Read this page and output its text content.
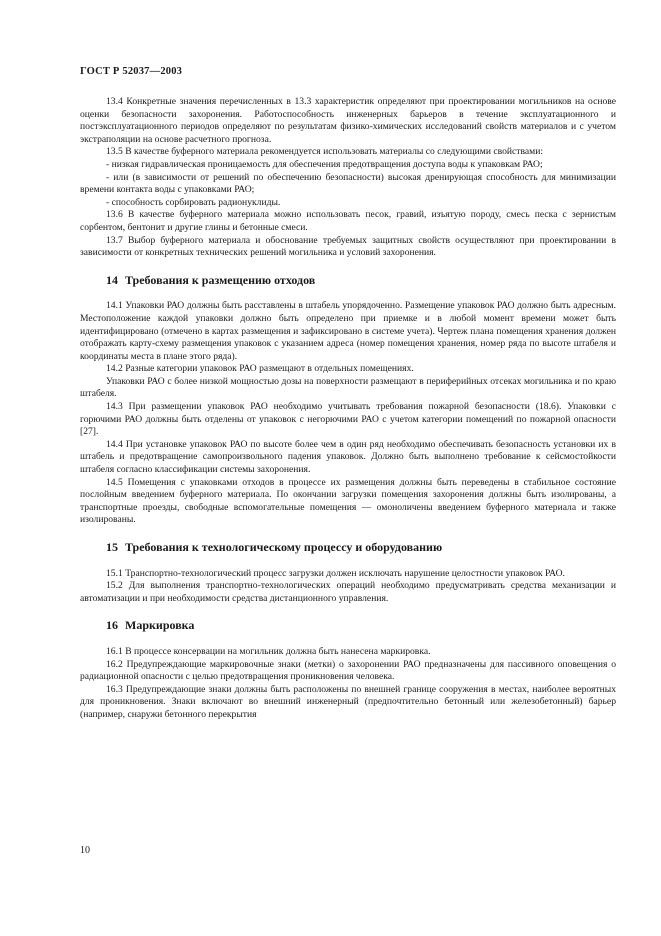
ГОСТ Р 52037—2003

13.4 Конкретные значения перечисленных в 13.3 характеристик определяют при проектировании могильников на основе оценки безопасности захоронения. Работоспособность инженерных барьеров в течение эксплуатационного и постэксплуатационного периодов определяют по результатам физико-химических исследований свойств материалов и с учетом экстраполяции на основе расчетного прогноза.

13.5 В качестве буферного материала рекомендуется использовать материалы со следующими свойствами:

- низкая гидравлическая проницаемость для обеспечения предотвращения доступа воды к упаковкам РАО;

- или (в зависимости от решений по обеспечению безопасности) высокая дренирующая способность для минимизации времени контакта воды с упаковками РАО;

- способность сорбировать радионуклиды.

13.6 В качестве буферного материала можно использовать песок, гравий, изъятую породу, смесь песка с зернистым сорбентом, бентонит и другие глины и бетонные смеси.

13.7 Выбор буферного материала и обоснование требуемых защитных свойств осуществляют при проектировании в зависимости от конкретных технических решений могильника и условий захоронения.

14 Требования к размещению отходов

14.1 Упаковки РАО должны быть расставлены в штабель упорядоченно. Размещение упаковок РАО должно быть адресным. Местоположение каждой упаковки должно быть определено при приемке и в любой момент времени может быть идентифицировано (отмечено в картах размещения и зафиксировано в системе учета). Чертеж плана помещения хранения должен отображать карту-схему размещения упаковок с указанием адреса (номер помещения хранения, номер ряда по высоте штабеля и координаты места в плане этого ряда).

14.2 Разные категории упаковок РАО размещают в отдельных помещениях.

Упаковки РАО с более низкой мощностью дозы на поверхности размещают в периферийных отсеках могильника и по краю штабеля.

14.3 При размещении упаковок РАО необходимо учитывать требования пожарной безопасности (18.6). Упаковки с горючими РАО должны быть отделены от упаковок с негорючими РАО с учетом категории помещений по пожарной опасности [27].

14.4 При установке упаковок РАО по высоте более чем в один ряд необходимо обеспечивать безопасность установки их в штабель и предотвращение самопроизвольного падения упаковок. Должно быть выполнено требование к сейсмостойкости штабеля согласно классификации системы захоронения.

14.5 Помещения с упаковками отходов в процессе их размещения должны быть переведены в стабильное состояние послойным введением буферного материала. По окончании загрузки помещения захоронения должны быть изолированы, а транспортные проезды, свободные вспомогательные помещения — омоноличены введением буферного материала и также изолированы.

15 Требования к технологическому процессу и оборудованию

15.1 Транспортно-технологический процесс загрузки должен исключать нарушение целостности упаковок РАО.

15.2 Для выполнения транспортно-технологических операций необходимо предусматривать средства механизации и автоматизации и при необходимости средства дистанционного управления.

16 Маркировка

16.1 В процессе консервации на могильник должна быть нанесена маркировка.

16.2 Предупреждающие маркировочные знаки (метки) о захоронении РАО предназначены для пассивного оповещения о радиационной опасности с целью предотвращения проникновения человека.

16.3 Предупреждающие знаки должны быть расположены по внешней границе сооружения в местах, наиболее вероятных для проникновения. Знаки включают во внешний инженерный (предпочтительно бетонный или железобетонный) барьер (например, снаружи бетонного перекрытия

10
